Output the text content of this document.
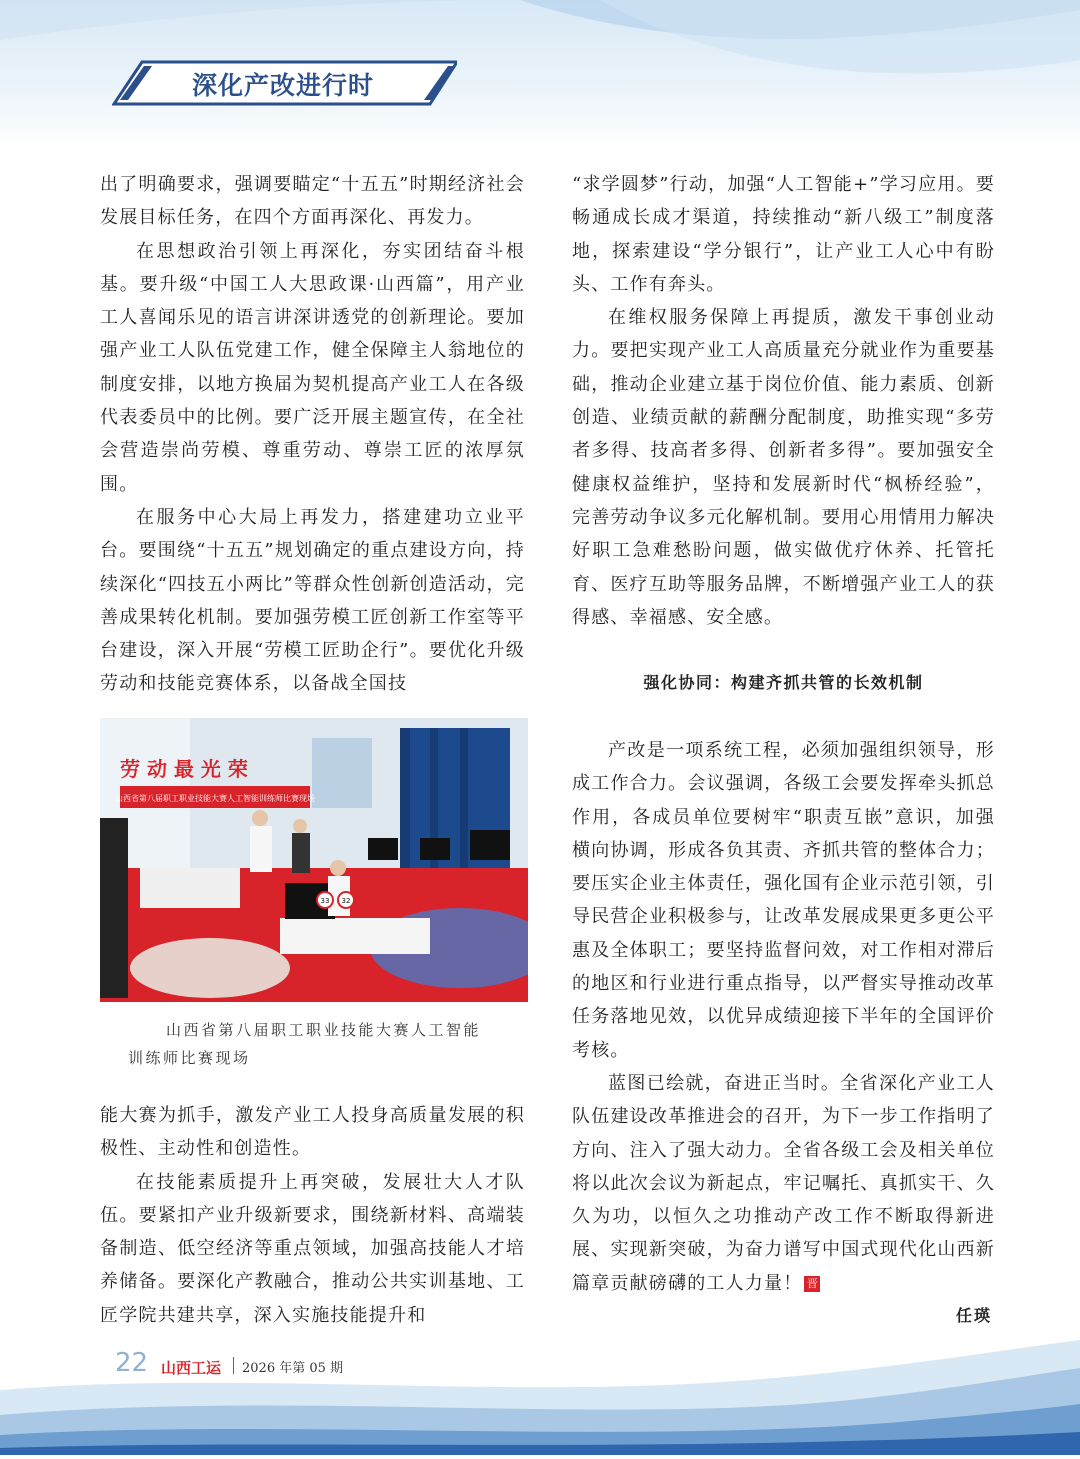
深化产改进行时

出了明确要求，强调要瞄定“十五五”时期经济社会发展目标任务，在四个方面再深化、再发力。

在思想政治引领上再深化，夯实团结奋斗根基。要升级“中国工人大思政课·山西篇”，用产业工人喜闻乐见的语言讲深讲透党的创新理论。要加强产业工人队伍党建工作，健全保障主人翁地位的制度安排，以地方换届为契机提高产业工人在各级代表委员中的比例。要广泛开展主题宣传，在全社会营造崇尚劳模、尊重劳动、尊崇工匠的浓厚氛围。

在服务中心大局上再发力，搭建建功立业平台。要围绕“十五五”规划确定的重点建设方向，持续深化“四技五小两比”等群众性创新创造活动，完善成果转化机制。要加强劳模工匠创新工作室等平台建设，深入开展“劳模工匠助企行”。要优化升级劳动和技能竞赛体系，以备战全国技

山西省第八届职工职业技能大赛人工智能训练师比赛现场
劳 动 最 光 荣
33 32
山西省第八届职工职业技能大赛人工智能
训练师比赛现场

能大赛为抓手，激发产业工人投身高质量发展的积极性、主动性和创造性。

在技能素质提升上再突破，发展壮大人才队伍。要紧扣产业升级新要求，围绕新材料、高端装备制造、低空经济等重点领域，加强高技能人才培养储备。要深化产教融合，推动公共实训基地、工匠学院共建共享，深入实施技能提升和

“求学圆梦”行动，加强“人工智能+”学习应用。要畅通成长成才渠道，持续推动“新八级工”制度落地，探索建设“学分银行”，让产业工人心中有盼头、工作有奔头。

在维权服务保障上再提质，激发干事创业动力。要把实现产业工人高质量充分就业作为重要基础，推动企业建立基于岗位价值、能力素质、创新创造、业绩贡献的薪酬分配制度，助推实现“多劳者多得、技高者多得、创新者多得”。要加强安全健康权益维护，坚持和发展新时代“枫桥经验”，完善劳动争议多元化解机制。要用心用情用力解决好职工急难愁盼问题，做实做优疗休养、托管托育、医疗互助等服务品牌，不断增强产业工人的获得感、幸福感、安全感。

强化协同：构建齐抓共管的长效机制

产改是一项系统工程，必须加强组织领导，形成工作合力。会议强调，各级工会要发挥牵头抓总作用，各成员单位要树牢“职责互嵌”意识，加强横向协调，形成各负其责、齐抓共管的整体合力；要压实企业主体责任，强化国有企业示范引领，引导民营企业积极参与，让改革发展成果更多更公平惠及全体职工；要坚持监督问效，对工作相对滞后的地区和行业进行重点指导，以严督实导推动改革任务落地见效，以优异成绩迎接下半年的全国评价考核。

蓝图已绘就，奋进正当时。全省深化产业工人队伍建设改革推进会的召开，为下一步工作指明了方向、注入了强大动力。全省各级工会及相关单位将以此次会议为新起点，牢记嘱托、真抓实干、久久为功，以恒久之功推动产改工作不断取得新进展、实现新突破，为奋力谱写中国式现代化山西新篇章贡献磅礴的工人力量！ 晋

任瑛
22 山西工运 2026 年第 05 期
